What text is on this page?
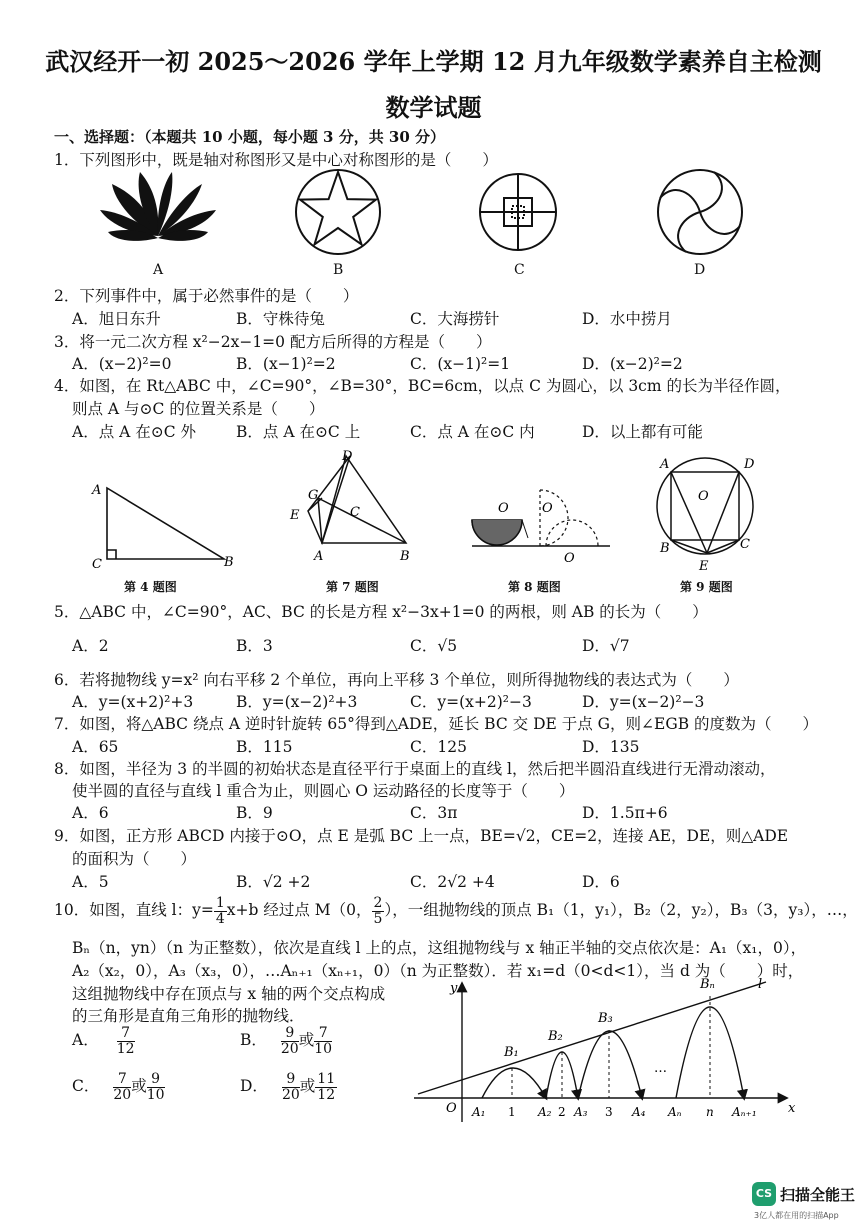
武汉经开一初 2025～2026 学年上学期 12 月九年级数学素养自主检测
数学试题
一、选择题：（本题共 10 小题，每小题 3 分，共 30 分）
1．下列图形中，既是轴对称图形又是中心对称图形的是（　　）
A	B	C	D
2．下列事件中，属于必然事件的是（　　）
A．旭日东升	B．守株待兔	C．大海捞针	D．水中捞月
3．将一元二次方程 x²−2x−1=0 配方后所得的方程是（　　）
A．(x−2)²=0	B．(x−1)²=2	C．(x−1)²=1	D．(x−2)²=2
4．如图，在 Rt△ABC 中，∠C=90°，∠B=30°，BC=6cm，以点 C 为圆心，以 3cm 的长为半径作圆，
则点 A 与⊙C 的位置关系是（　　）
A．点 A 在⊙C 外	B．点 A 在⊙C 上	C．点 A 在⊙C 内	D．以上都有可能
A
C	B
D
G
E	C
A	B
O	O
O
A	D
O
B
E
C
第 4 题图	第 7 题图	第 8 题图	第 9 题图
5．△ABC 中，∠C=90°，AC、BC 的长是方程 x²−3x+1=0 的两根，则 AB 的长为（　　）
A．2	B．3	C．√5	D．√7
6．若将抛物线 y=x² 向右平移 2 个单位，再向上平移 3 个单位，则所得抛物线的表达式为（　　）
A．y=(x+2)²+3	B．y=(x−2)²+3	C．y=(x+2)²−3	D．y=(x−2)²−3
7．如图，将△ABC 绕点 A 逆时针旋转 65°得到△ADE，延长 BC 交 DE 于点 G，则∠EGB 的度数为（　　）
A．65	B．115	C．125	D．135
8．如图，半径为 3 的半圆的初始状态是直径平行于桌面上的直线 l，然后把半圆沿直线进行无滑动滚动，
使半圆的直径与直线 l 重合为止，则圆心 O 运动路径的长度等于（　　）
A．6	B．9	C．3π	D．1.5π+6
9．如图，正方形 ABCD 内接于⊙O，点 E 是弧 BC 上一点，BE=√2，CE=2，连接 AE，DE，则△ADE
的面积为（　　）
A．5	B．√2 +2	C．2√2 +4	D．6
10．如图，直线 l：$y= \frac{1}{4} x+b$ 经过点 M（0， $\frac{2}{5}$ ），一组抛物线的顶点 B₁（1，y₁），B₂（2，y₂），B₃（3，y₃），…，
Bₙ（n，yn）（n 为正整数），依次是直线 l 上的点，这组抛物线与 x 轴正半轴的交点依次是：A₁（x₁，0），
A₂（x₂，0），A₃（x₃，0），…Aₙ₊₁（xₙ₊₁，0）（n 为正整数）．若 x₁=d（0<d<1），当 d 为（　　）时，
这组抛物线中存在顶点与 x 轴的两个交点构成
的三角形是直角三角形的抛物线．
A． $\frac{7}{12}$	B． $\frac{9}{20}$ 或 $\frac{7}{10}$
C． $\frac{7}{20}$ 或 $\frac{9}{10}$	D． $\frac{9}{20}$ 或 $\frac{11}{12}$
y
x
l
O
B₁
B₂
B₃
Bₙ
A₁ 1 A₂ 2 A₃ 3 A₄
…
Aₙ n Aₙ₊₁
CS 扫描全能王
3亿人都在用的扫描App
